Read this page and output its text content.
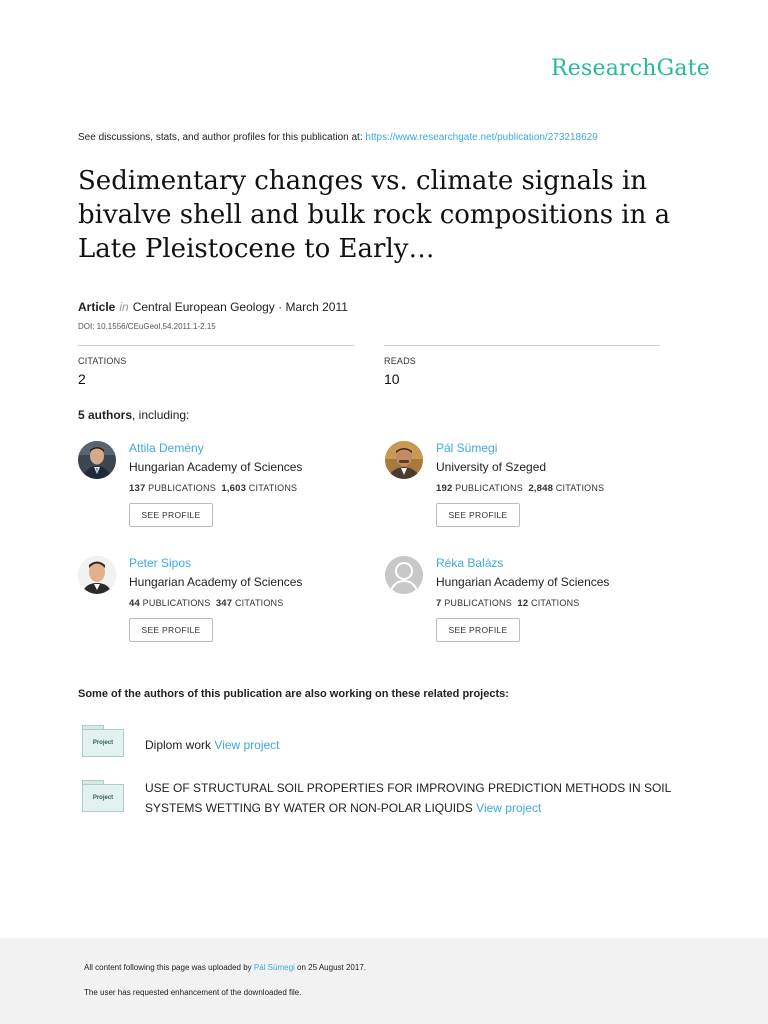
ResearchGate
See discussions, stats, and author profiles for this publication at: https://www.researchgate.net/publication/273218629
Sedimentary changes vs. climate signals in bivalve shell and bulk rock compositions in a Late Pleistocene to Early…
Article in Central European Geology · March 2011
DOI: 10.1556/CEuGeol.54.2011.1-2.15
CITATIONS
2
READS
10
5 authors, including:
Attila Demény
Hungarian Academy of Sciences
137 PUBLICATIONS 1,603 CITATIONS
SEE PROFILE
Pál Sümegi
University of Szeged
192 PUBLICATIONS 2,848 CITATIONS
SEE PROFILE
Peter Sipos
Hungarian Academy of Sciences
44 PUBLICATIONS 347 CITATIONS
SEE PROFILE
Réka Balázs
Hungarian Academy of Sciences
7 PUBLICATIONS 12 CITATIONS
SEE PROFILE
Some of the authors of this publication are also working on these related projects:
Project	Diplom work View project
Project
USE OF STRUCTURAL SOIL PROPERTIES FOR IMPROVING PREDICTION METHODS IN SOIL SYSTEMS WETTING BY WATER OR NON-POLAR LIQUIDS View project
All content following this page was uploaded by Pál Sümegi on 25 August 2017.
The user has requested enhancement of the downloaded file.
